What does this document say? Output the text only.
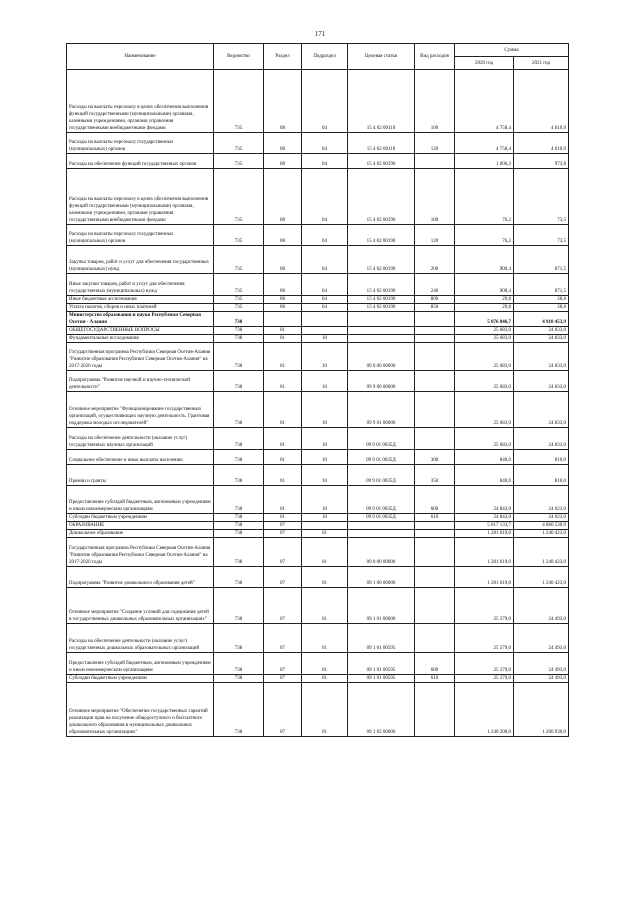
171
Наименование	Ведомство	Раздел	Подраздел	Целевая статья	Вид расходов	Сумма	
						2020 год	2021 год
Расходы на выплаты персоналу в целях обеспечения выполнения функций государственными (муниципальными) органами, казенными учреждениями, органами управления государственными внебюджетными фондами	735	08	04	15 4 02 00110	100	4 758,4	4 610,9
Расходы на выплаты персоналу государственных (муниципальных) органов	735	08	04	15 4 02 00110	120	4 758,4	4 610,9
Расходы на обеспечение функций государственных органов	735	08	04	15 4 02 00190		1 006,3	973,8
Расходы на выплаты персоналу в целях обеспечения выполнения функций государственными (муниципальными) органами, казенными учреждениями, органами управления государственными внебюджетными фондами	735	08	04	15 4 02 00190	100	76,2	73,5
Расходы на выплаты персоналу государственных (муниципальных) органов	735	08	04	15 4 02 00190	120	76,2	73,5
Закупка товаров, работ и услуг для обеспечения государственных (муниципальных) нужд	735	08	04	15 4 02 00190	200	900,4	871,5
Иные закупки товаров, работ и услуг для обеспечения государственных (муниципальных) нужд	735	08	04	15 4 02 00190	240	900,4	871,5
Иные бюджетные ассигнования	735	08	04	15 4 02 00190	800	29,8	28,8
Уплата налогов, сборов и иных платежей	735	08	04	15 4 02 00190	850	29,8	28,8
Министерство образования и науки Республики Северная Осетия - Алания	738					5 076 846,7	4 918 453,9
ОБЩЕГОСУДАРСТВЕННЫЕ ВОПРОСЫ	738	01				25 683,0	24 833,0
Фундаментальные исследования	738	01	10			25 683,0	24 833,0
Государственная программа Республики Северная Осетия-Алания "Развитие образования Республики Северная Осетия-Алания" на 2017-2020 годы	738	01	10	09 0 00 00000		25 683,0	24 833,0
Подпрограмма "Развитие научной и научно-технической деятельности"	738	01	10	09 9 00 00000		25 683,0	24 833,0
Основное мероприятие "Функционирование государственных организаций, осуществляющих научную деятельность. Грантовая поддержка молодых исследователей"	738	01	10	09 9 01 00000		25 683,0	24 833,0
Расходы на обеспечение деятельности (оказание услуг) государственных научных организаций	738	01	10	09 9 01 0035Д		25 683,0	24 833,0
Социальное обеспечение и иные выплаты населению	738	01	10	09 9 01 0035Д	300	840,0	810,0
Премии и гранты	738	01	10	09 9 01 0035Д	350	840,0	810,0
Предоставление субсидий бюджетным, автономным учреждениям и иным некоммерческим организациям	738	01	10	09 9 01 0035Д	600	24 843,0	24 023,0
Субсидии бюджетным учреждениям	738	01	10	09 9 01 0035Д	610	24 843,0	24 023,0
ОБРАЗОВАНИЕ	738	07				5 017 133,7	4 860 530,9
Дошкольное образование	738	07	01			1 281 619,0	1 240 423,0
Государственная программа Республики Северная Осетия-Алания "Развитие образования Республики Северная Осетия-Алания" на 2017-2020 годы	738	07	01	09 0 00 00000		1 281 619,0	1 240 423,0
Подпрограмма "Развитие дошкольного образования детей"	738	07	01	09 1 00 00000		1 281 619,0	1 240 423,0
Основное мероприятие "Создание условий для содержания детей в государственных дошкольных образовательных организациях"	738	07	01	09 1 01 00000		25 379,0	24 493,0
Расходы на обеспечение деятельности (оказание услуг) государственных дошкольных образовательных организаций	738	07	01	09 1 01 00595		25 379,0	24 493,0
Предоставление субсидий бюджетным, автономным учреждениям и иным некоммерческим организациям	738	07	01	09 1 01 00595	600	25 379,0	24 493,0
Субсидии бюджетным учреждениям	738	07	01	09 1 01 00595	610	25 379,0	24 493,0
Основное мероприятие "Обеспечение государственных гарантий реализации прав на получение общедоступного и бесплатного дошкольного образования в муниципальных дошкольных образовательных организациях"	738	07	01	09 1 02 00000		1 240 200,0	1 200 930,0
